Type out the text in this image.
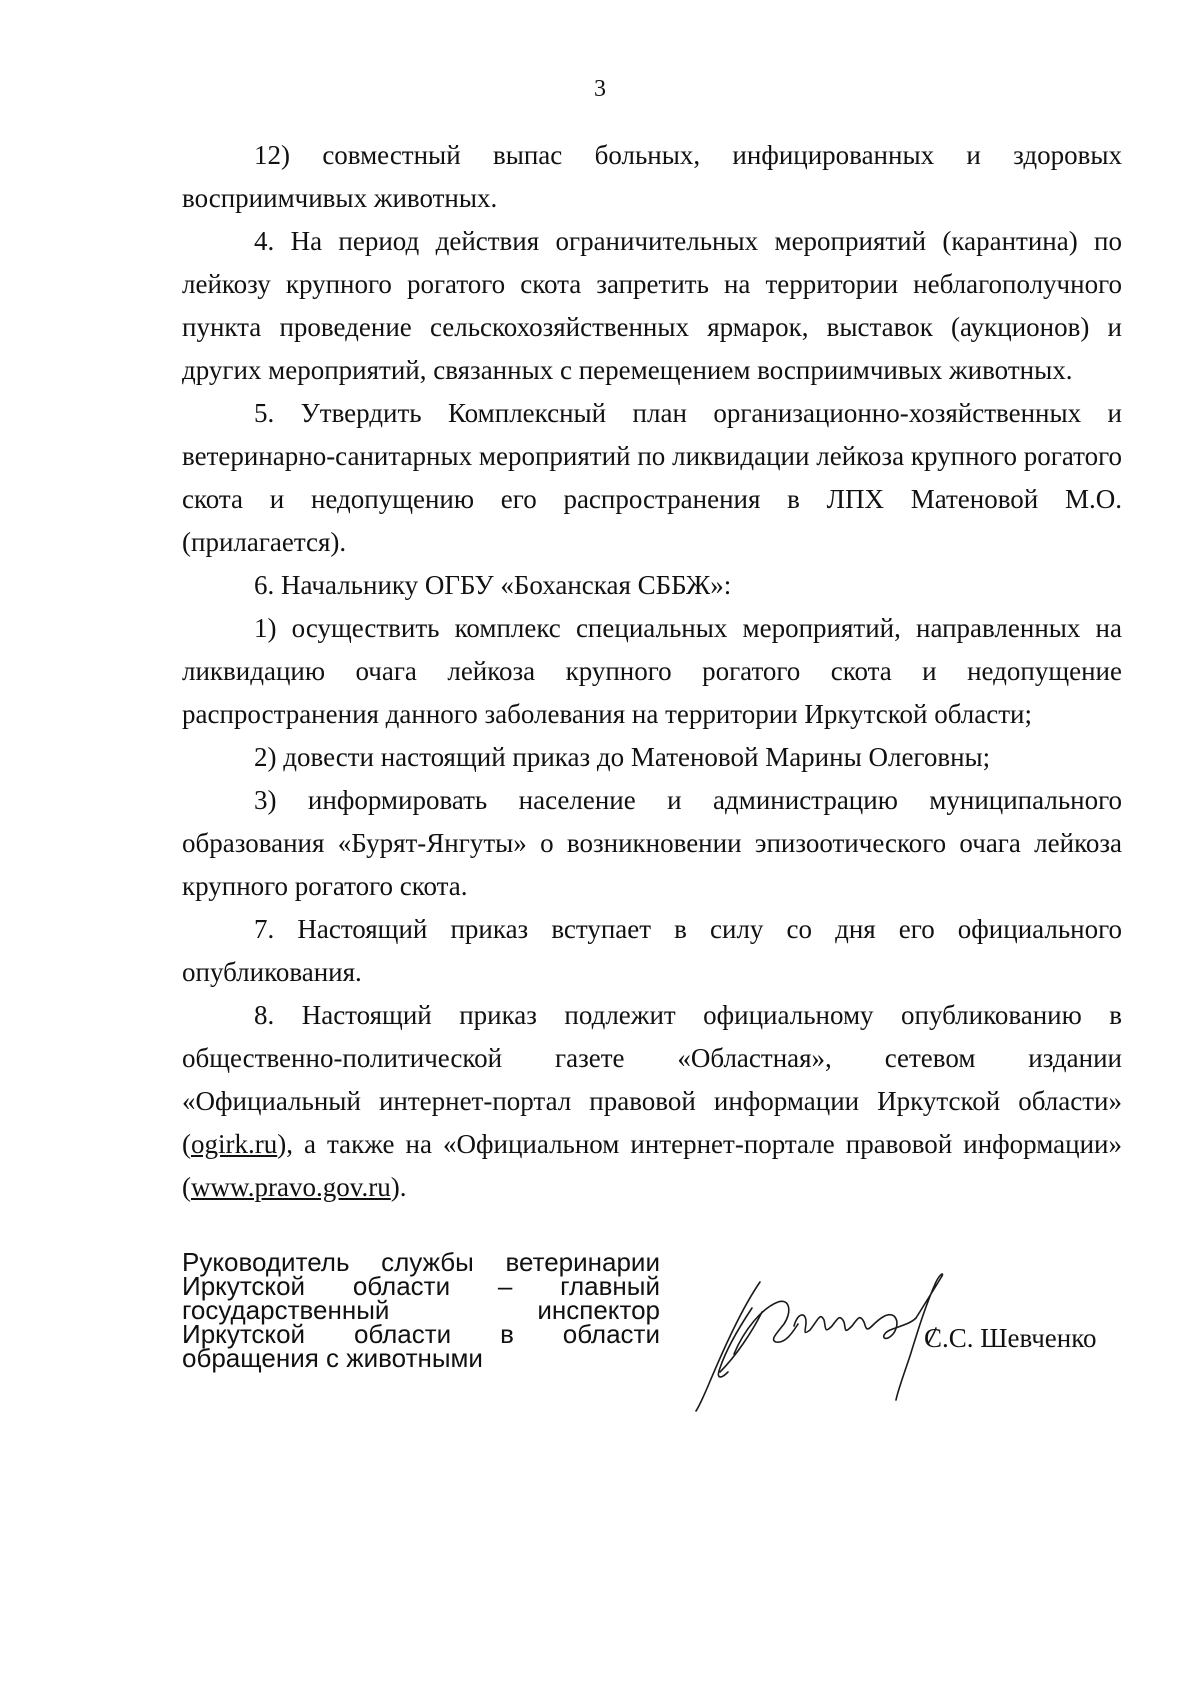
3

12) совместный выпас больных, инфицированных и здоровых восприимчивых животных.

4. На период действия ограничительных мероприятий (карантина) по лейкозу крупного рогатого скота запретить на территории неблагополучного пункта проведение сельскохозяйственных ярмарок, выставок (аукционов) и других мероприятий, связанных с перемещением восприимчивых животных.

5. Утвердить Комплексный план организационно-хозяйственных и ветеринарно-санитарных мероприятий по ликвидации лейкоза крупного рогатого скота и недопущению его распространения в ЛПХ Матеновой М.О. (прилагается).

6. Начальнику ОГБУ «Боханская СББЖ»:

1) осуществить комплекс специальных мероприятий, направленных на ликвидацию очага лейкоза крупного рогатого скота и недопущение распространения данного заболевания на территории Иркутской области;

2) довести настоящий приказ до Матеновой Марины Олеговны;

3) информировать население и администрацию муниципального образования «Бурят-Янгуты» о возникновении эпизоотического очага лейкоза крупного рогатого скота.

7. Настоящий приказ вступает в силу со дня его официального опубликования.

8. Настоящий приказ подлежит официальному опубликованию в общественно-политической газете «Областная», сетевом издании «Официальный интернет-портал правовой информации Иркутской области» (ogirk.ru), а также на «Официальном интернет-портале правовой информации» (www.pravo.gov.ru).

Руководитель службы ветеринарии
Иркутской области – главный
государственный	инспектор
Иркутской области в области
обращения с животными
С.С. Шевченко
